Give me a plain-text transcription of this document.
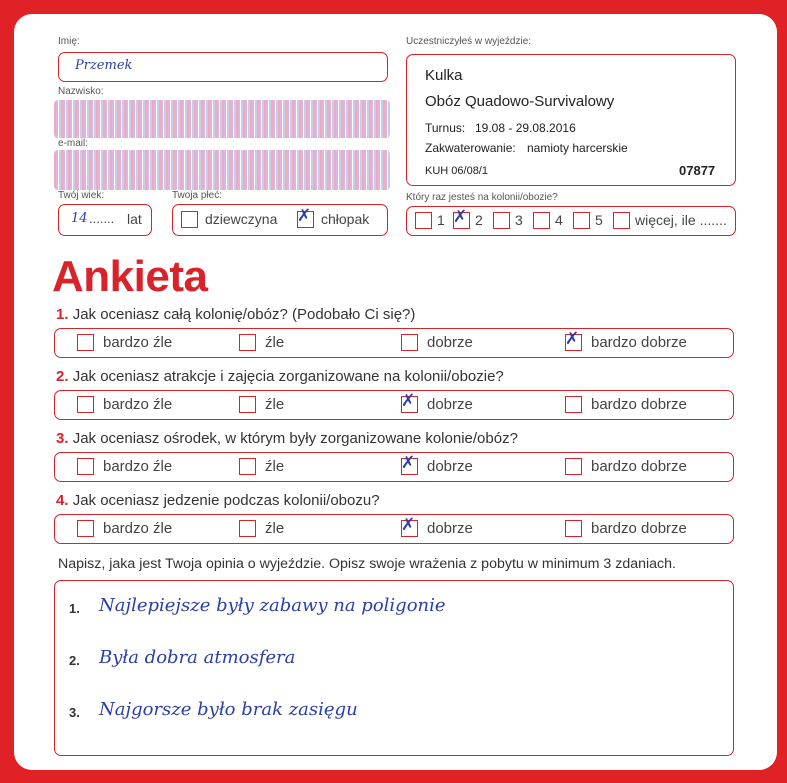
Imię:
Przemek
Nazwisko:
e-mail:
Twój wiek:
14 ....... lat
Twoja płeć:
dziewczyna ✗ chłopak
Uczestniczyłeś w wyjeździe:
Kulka
Obóz Quadowo-Survivalowy
Turnus: 19.08 - 29.08.2016
Zakwaterowanie: namioty harcerskie
KUH 06/08/1	07877
Który raz jesteś na kolonii/obozie?
1 ✗ 2 3 4 5 więcej, ile .......
Ankieta
1. Jak oceniasz całą kolonię/obóz? (Podobało Ci się?)
bardzo źle	źle	dobrze	✗ bardzo dobrze
2. Jak oceniasz atrakcje i zajęcia zorganizowane na kolonii/obozie?
bardzo źle	źle	✗ dobrze	bardzo dobrze
3. Jak oceniasz ośrodek, w którym były zorganizowane kolonie/obóz?
bardzo źle	źle	✗ dobrze	bardzo dobrze
4. Jak oceniasz jedzenie podczas kolonii/obozu?
bardzo źle	źle	✗ dobrze	bardzo dobrze
Napisz, jaka jest Twoja opinia o wyjeździe. Opisz swoje wrażenia z pobytu w minimum 3 zdaniach.
1. Najlepiejsze były zabawy na poligonie
2. Była dobra atmosfera
3. Najgorsze było brak zasięgu
